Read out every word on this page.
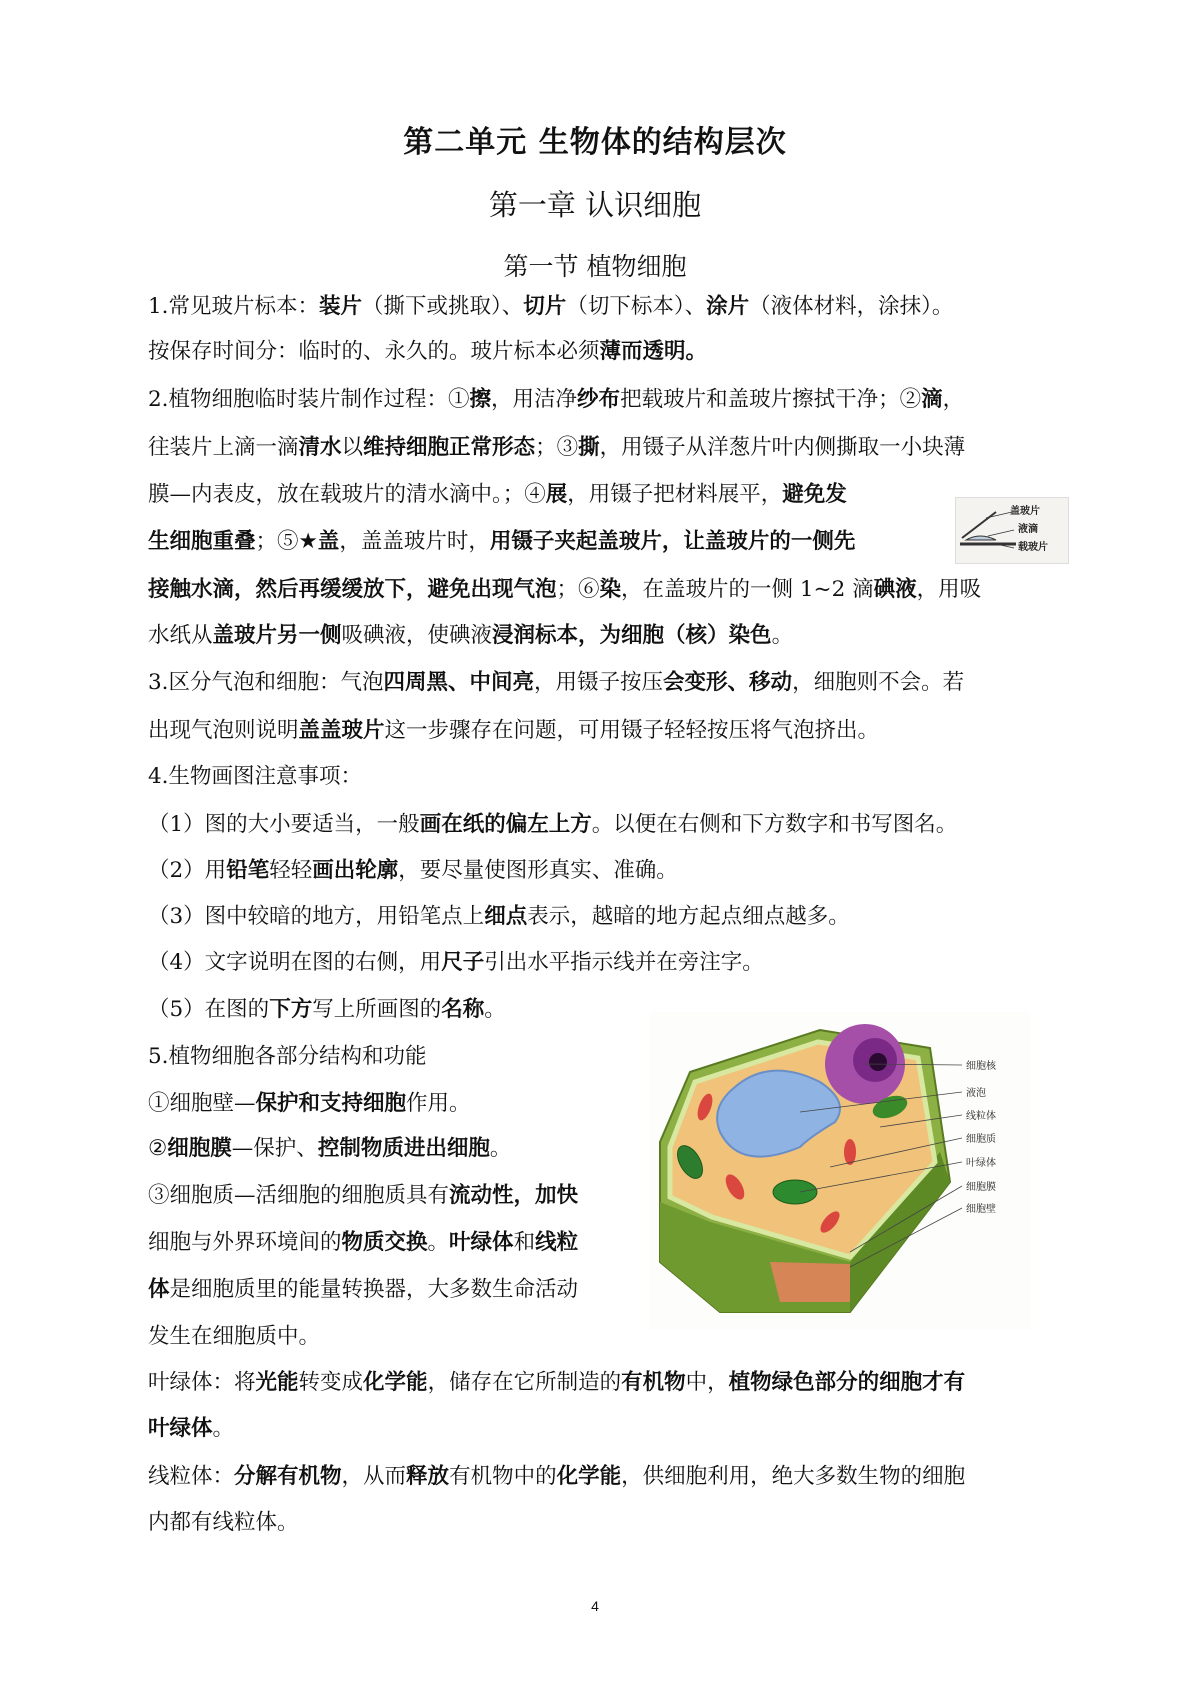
第二单元 生物体的结构层次
第一章 认识细胞
第一节 植物细胞
1.常见玻片标本：装片（撕下或挑取）、切片（切下标本）、涂片（液体材料，涂抹）。
按保存时间分：临时的、永久的。玻片标本必须薄而透明。
2.植物细胞临时装片制作过程：①擦，用洁净纱布把载玻片和盖玻片擦拭干净；②滴，
往装片上滴一滴清水以维持细胞正常形态；③撕，用镊子从洋葱片叶内侧撕取一小块薄
膜—内表皮，放在载玻片的清水滴中。；④展，用镊子把材料展平，避免发
生细胞重叠；⑤★盖，盖盖玻片时，用镊子夹起盖玻片，让盖玻片的一侧先
接触水滴，然后再缓缓放下，避免出现气泡；⑥染，在盖玻片的一侧 1~2 滴碘液，用吸
水纸从盖玻片另一侧吸碘液，使碘液浸润标本，为细胞（核）染色。
3.区分气泡和细胞：气泡四周黑、中间亮，用镊子按压会变形、移动，细胞则不会。若
出现气泡则说明盖盖玻片这一步骤存在问题，可用镊子轻轻按压将气泡挤出。
4.生物画图注意事项：
（1）图的大小要适当，一般画在纸的偏左上方。以便在右侧和下方数字和书写图名。
（2）用铅笔轻轻画出轮廓，要尽量使图形真实、准确。
（3）图中较暗的地方，用铅笔点上细点表示，越暗的地方起点细点越多。
（4）文字说明在图的右侧，用尺子引出水平指示线并在旁注字。
（5）在图的下方写上所画图的名称。
5.植物细胞各部分结构和功能
①细胞壁—保护和支持细胞作用。
②细胞膜—保护、控制物质进出细胞。
③细胞质—活细胞的细胞质具有流动性，加快
细胞与外界环境间的物质交换。叶绿体和线粒
体是细胞质里的能量转换器，大多数生命活动
发生在细胞质中。
叶绿体：将光能转变成化学能，储存在它所制造的有机物中，植物绿色部分的细胞才有
叶绿体。
线粒体：分解有机物，从而释放有机物中的化学能，供细胞利用，绝大多数生物的细胞
内都有线粒体。
盖玻片
液滴
载玻片
细胞核
液泡
线粒体
细胞质
叶绿体
细胞膜
细胞壁
4
